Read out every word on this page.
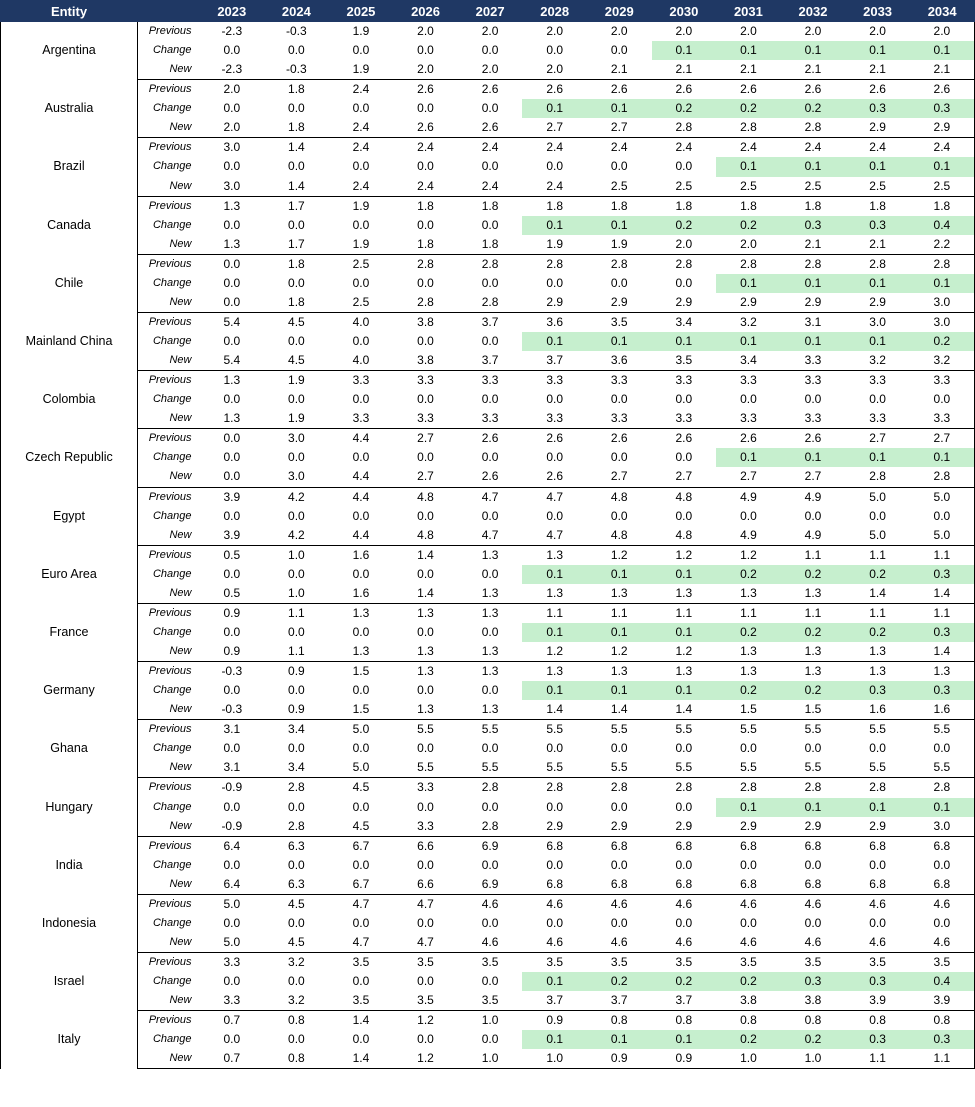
Entity		2023	2024	2025	2026	2027	2028	2029	2030	2031	2032	2033	2034
Argentina	Previous	-2.3	-0.3	1.9	2.0	2.0	2.0	2.0	2.0	2.0	2.0	2.0	2.0
	Change	0.0	0.0	0.0	0.0	0.0	0.0	0.0	0.1	0.1	0.1	0.1	0.1
	New	-2.3	-0.3	1.9	2.0	2.0	2.0	2.1	2.1	2.1	2.1	2.1	2.1
Australia	Previous	2.0	1.8	2.4	2.6	2.6	2.6	2.6	2.6	2.6	2.6	2.6	2.6
	Change	0.0	0.0	0.0	0.0	0.0	0.1	0.1	0.2	0.2	0.2	0.3	0.3
	New	2.0	1.8	2.4	2.6	2.6	2.7	2.7	2.8	2.8	2.8	2.9	2.9
Brazil	Previous	3.0	1.4	2.4	2.4	2.4	2.4	2.4	2.4	2.4	2.4	2.4	2.4
	Change	0.0	0.0	0.0	0.0	0.0	0.0	0.0	0.0	0.1	0.1	0.1	0.1
	New	3.0	1.4	2.4	2.4	2.4	2.4	2.5	2.5	2.5	2.5	2.5	2.5
Canada	Previous	1.3	1.7	1.9	1.8	1.8	1.8	1.8	1.8	1.8	1.8	1.8	1.8
	Change	0.0	0.0	0.0	0.0	0.0	0.1	0.1	0.2	0.2	0.3	0.3	0.4
	New	1.3	1.7	1.9	1.8	1.8	1.9	1.9	2.0	2.0	2.1	2.1	2.2
Chile	Previous	0.0	1.8	2.5	2.8	2.8	2.8	2.8	2.8	2.8	2.8	2.8	2.8
	Change	0.0	0.0	0.0	0.0	0.0	0.0	0.0	0.0	0.1	0.1	0.1	0.1
	New	0.0	1.8	2.5	2.8	2.8	2.9	2.9	2.9	2.9	2.9	2.9	3.0
Mainland China	Previous	5.4	4.5	4.0	3.8	3.7	3.6	3.5	3.4	3.2	3.1	3.0	3.0
	Change	0.0	0.0	0.0	0.0	0.0	0.1	0.1	0.1	0.1	0.1	0.1	0.2
	New	5.4	4.5	4.0	3.8	3.7	3.7	3.6	3.5	3.4	3.3	3.2	3.2
Colombia	Previous	1.3	1.9	3.3	3.3	3.3	3.3	3.3	3.3	3.3	3.3	3.3	3.3
	Change	0.0	0.0	0.0	0.0	0.0	0.0	0.0	0.0	0.0	0.0	0.0	0.0
	New	1.3	1.9	3.3	3.3	3.3	3.3	3.3	3.3	3.3	3.3	3.3	3.3
Czech Republic	Previous	0.0	3.0	4.4	2.7	2.6	2.6	2.6	2.6	2.6	2.6	2.7	2.7
	Change	0.0	0.0	0.0	0.0	0.0	0.0	0.0	0.0	0.1	0.1	0.1	0.1
	New	0.0	3.0	4.4	2.7	2.6	2.6	2.7	2.7	2.7	2.7	2.8	2.8
Egypt	Previous	3.9	4.2	4.4	4.8	4.7	4.7	4.8	4.8	4.9	4.9	5.0	5.0
	Change	0.0	0.0	0.0	0.0	0.0	0.0	0.0	0.0	0.0	0.0	0.0	0.0
	New	3.9	4.2	4.4	4.8	4.7	4.7	4.8	4.8	4.9	4.9	5.0	5.0
Euro Area	Previous	0.5	1.0	1.6	1.4	1.3	1.3	1.2	1.2	1.2	1.1	1.1	1.1
	Change	0.0	0.0	0.0	0.0	0.0	0.1	0.1	0.1	0.2	0.2	0.2	0.3
	New	0.5	1.0	1.6	1.4	1.3	1.3	1.3	1.3	1.3	1.3	1.4	1.4
France	Previous	0.9	1.1	1.3	1.3	1.3	1.1	1.1	1.1	1.1	1.1	1.1	1.1
	Change	0.0	0.0	0.0	0.0	0.0	0.1	0.1	0.1	0.2	0.2	0.2	0.3
	New	0.9	1.1	1.3	1.3	1.3	1.2	1.2	1.2	1.3	1.3	1.3	1.4
Germany	Previous	-0.3	0.9	1.5	1.3	1.3	1.3	1.3	1.3	1.3	1.3	1.3	1.3
	Change	0.0	0.0	0.0	0.0	0.0	0.1	0.1	0.1	0.2	0.2	0.3	0.3
	New	-0.3	0.9	1.5	1.3	1.3	1.4	1.4	1.4	1.5	1.5	1.6	1.6
Ghana	Previous	3.1	3.4	5.0	5.5	5.5	5.5	5.5	5.5	5.5	5.5	5.5	5.5
	Change	0.0	0.0	0.0	0.0	0.0	0.0	0.0	0.0	0.0	0.0	0.0	0.0
	New	3.1	3.4	5.0	5.5	5.5	5.5	5.5	5.5	5.5	5.5	5.5	5.5
Hungary	Previous	-0.9	2.8	4.5	3.3	2.8	2.8	2.8	2.8	2.8	2.8	2.8	2.8
	Change	0.0	0.0	0.0	0.0	0.0	0.0	0.0	0.0	0.1	0.1	0.1	0.1
	New	-0.9	2.8	4.5	3.3	2.8	2.9	2.9	2.9	2.9	2.9	2.9	3.0
India	Previous	6.4	6.3	6.7	6.6	6.9	6.8	6.8	6.8	6.8	6.8	6.8	6.8
	Change	0.0	0.0	0.0	0.0	0.0	0.0	0.0	0.0	0.0	0.0	0.0	0.0
	New	6.4	6.3	6.7	6.6	6.9	6.8	6.8	6.8	6.8	6.8	6.8	6.8
Indonesia	Previous	5.0	4.5	4.7	4.7	4.6	4.6	4.6	4.6	4.6	4.6	4.6	4.6
	Change	0.0	0.0	0.0	0.0	0.0	0.0	0.0	0.0	0.0	0.0	0.0	0.0
	New	5.0	4.5	4.7	4.7	4.6	4.6	4.6	4.6	4.6	4.6	4.6	4.6
Israel	Previous	3.3	3.2	3.5	3.5	3.5	3.5	3.5	3.5	3.5	3.5	3.5	3.5
	Change	0.0	0.0	0.0	0.0	0.0	0.1	0.2	0.2	0.2	0.3	0.3	0.4
	New	3.3	3.2	3.5	3.5	3.5	3.7	3.7	3.7	3.8	3.8	3.9	3.9
Italy	Previous	0.7	0.8	1.4	1.2	1.0	0.9	0.8	0.8	0.8	0.8	0.8	0.8
	Change	0.0	0.0	0.0	0.0	0.0	0.1	0.1	0.1	0.2	0.2	0.3	0.3
	New	0.7	0.8	1.4	1.2	1.0	1.0	0.9	0.9	1.0	1.0	1.1	1.1
